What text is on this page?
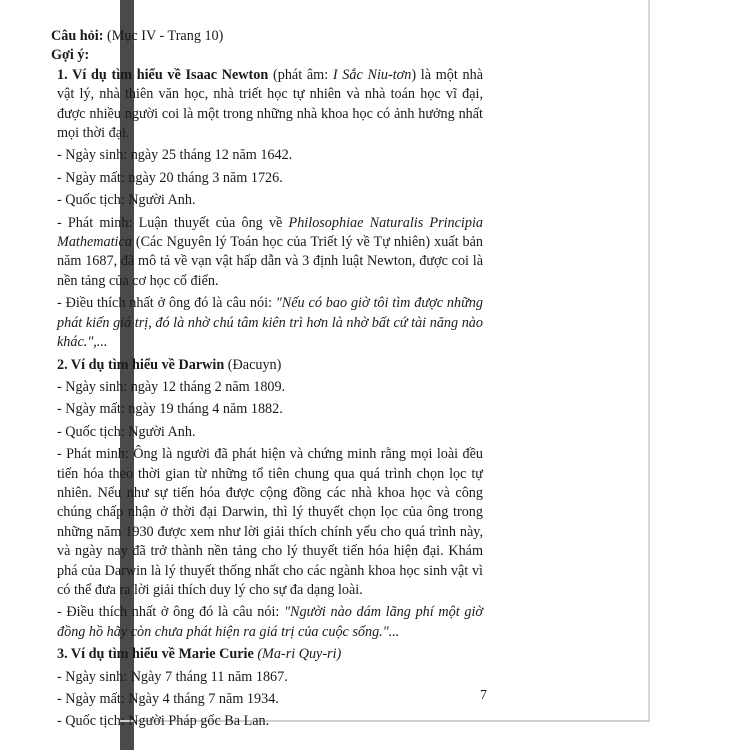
Câu hỏi: (Mục IV - Trang 10)

Gợi ý:

1. Ví dụ tìm hiểu về Isaac Newton (phát âm: I Sắc Niu-tơn) là một nhà vật lý, nhà thiên văn học, nhà triết học tự nhiên và nhà toán học vĩ đại, được nhiều người coi là một trong những nhà khoa học có ảnh hưởng nhất mọi thời đại.

- Ngày sinh: ngày 25 tháng 12 năm 1642.

- Ngày mất: ngày 20 tháng 3 năm 1726.

- Quốc tịch: Người Anh.

- Phát minh: Luận thuyết của ông về Philosophiae Naturalis Principia Mathematica (Các Nguyên lý Toán học của Triết lý về Tự nhiên) xuất bản năm 1687, đã mô tả về vạn vật hấp dẫn và 3 định luật Newton, được coi là nền tảng của cơ học cổ điển.

- Điều thích nhất ở ông đó là câu nói: "Nếu có bao giờ tôi tìm được những phát kiến giá trị, đó là nhờ chú tâm kiên trì hơn là nhờ bất cứ tài năng nào khác.",...

2. Ví dụ tìm hiểu về Darwin (Đacuyn)

- Ngày sinh: ngày 12 tháng 2 năm 1809.

- Ngày mất: ngày 19 tháng 4 năm 1882.

- Quốc tịch: Người Anh.

- Phát minh: Ông là người đã phát hiện và chứng minh rằng mọi loài đều tiến hóa theo thời gian từ những tổ tiên chung qua quá trình chọn lọc tự nhiên. Nếu như sự tiến hóa được cộng đồng các nhà khoa học và công chúng chấp nhận ở thời đại Darwin, thì lý thuyết chọn lọc của ông trong những năm 1930 được xem như lời giải thích chính yếu cho quá trình này, và ngày nay đã trở thành nền tảng cho lý thuyết tiến hóa hiện đại. Khám phá của Darwin là lý thuyết thống nhất cho các ngành khoa học sinh vật vì có thể đưa ra lời giải thích duy lý cho sự đa dạng loài.

- Điều thích nhất ở ông đó là câu nói: "Người nào dám lãng phí một giờ đồng hồ hãy còn chưa phát hiện ra giá trị của cuộc sống."...

3. Ví dụ tìm hiểu về Marie Curie (Ma-ri Quy-ri)

- Ngày sinh: Ngày 7 tháng 11 năm 1867.

- Ngày mất: Ngày 4 tháng 7 năm 1934.

- Quốc tịch: Người Pháp gốc Ba Lan.

7
